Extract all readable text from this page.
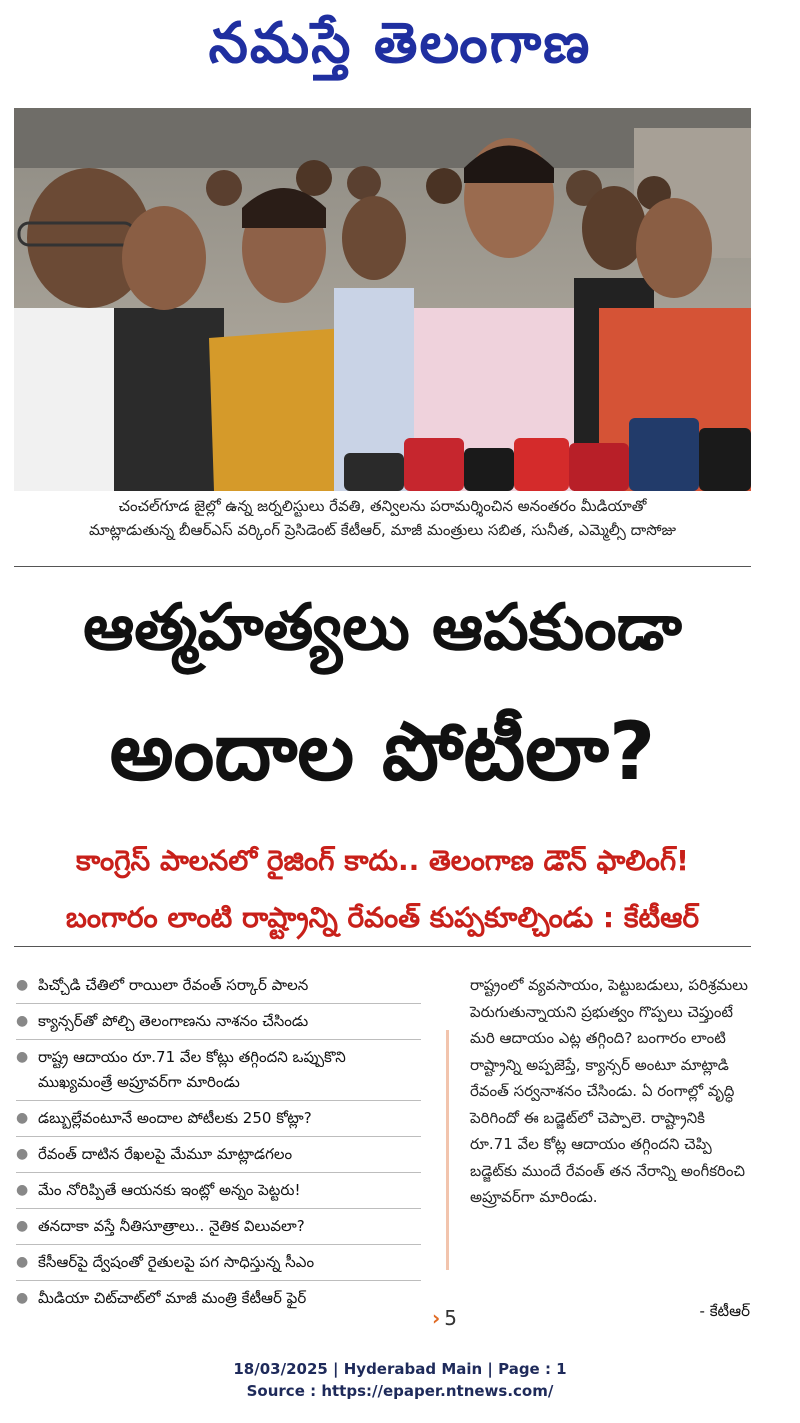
నమస్తే తెలంగాణ
చంచల్‌గూడ జైల్లో ఉన్న జర్నలిస్టులు రేవతి, తన్విలను పరామర్శించిన అనంతరం మీడియాతో
మాట్లాడుతున్న బీఆర్‌ఎస్ వర్కింగ్ ప్రెసిడెంట్ కేటీఆర్, మాజీ మంత్రులు సబిత, సునీత, ఎమ్మెల్సీ దాసోజు
ఆత్మహత్యలు ఆపకుండా
అందాల పోటీలా?
కాంగ్రెస్ పాలనలో రైజింగ్ కాదు.. తెలంగాణ డౌన్ ఫాలింగ్!
బంగారం లాంటి రాష్ట్రాన్ని రేవంత్ కుప్పకూల్చిండు : కేటీఆర్
● పిచ్చోడి చేతిలో రాయిలా రేవంత్ సర్కార్ పాలన
● క్యాన్సర్‌తో పోల్చి తెలంగాణను నాశనం చేసిండు
● రాష్ట్ర ఆదాయం రూ.71 వేల కోట్లు తగ్గిందని ఒప్పుకొని ముఖ్యమంత్రే అప్రూవర్‌గా మారిండు
● డబ్బుల్లేవంటూనే అందాల పోటీలకు 250 కోట్లా?
● రేవంత్ దాటిన రేఖలపై మేమూ మాట్లాడగలం
● మేం నోరిప్పితే ఆయనకు ఇంట్లో అన్నం పెట్టరు!
● తనదాకా వస్తే నీతిసూత్రాలు.. నైతిక విలువలా?
● కేసీఆర్‌పై ద్వేషంతో రైతులపై పగ సాధిస్తున్న సీఎం
● మీడియా చిట్‌చాట్‌లో మాజీ మంత్రి కేటీఆర్ ఫైర్
రాష్ట్రంలో వ్యవసాయం, పెట్టుబడులు, పరిశ్రమలు పెరుగుతున్నాయని ప్రభుత్వం గొప్పలు చెప్తుంటే మరి ఆదాయం ఎట్ల తగ్గింది? బంగారం లాంటి రాష్ట్రాన్ని అప్పజెప్తే, క్యాన్సర్ అంటూ మాట్లాడి రేవంత్ సర్వనాశనం చేసిండు. ఏ రంగాల్లో వృద్ధి పెరిగిందో ఈ బడ్జెట్‌లో చెప్పాలె. రాష్ట్రానికి రూ.71 వేల కోట్ల ఆదాయం తగ్గిందని చెప్పి బడ్జెట్‌కు ముందే రేవంత్ తన నేరాన్ని అంగీకరించి అప్రూవర్‌గా మారిండు.
› 5	- కేటీఆర్
18/03/2025 | Hyderabad Main | Page : 1
Source : https://epaper.ntnews.com/
